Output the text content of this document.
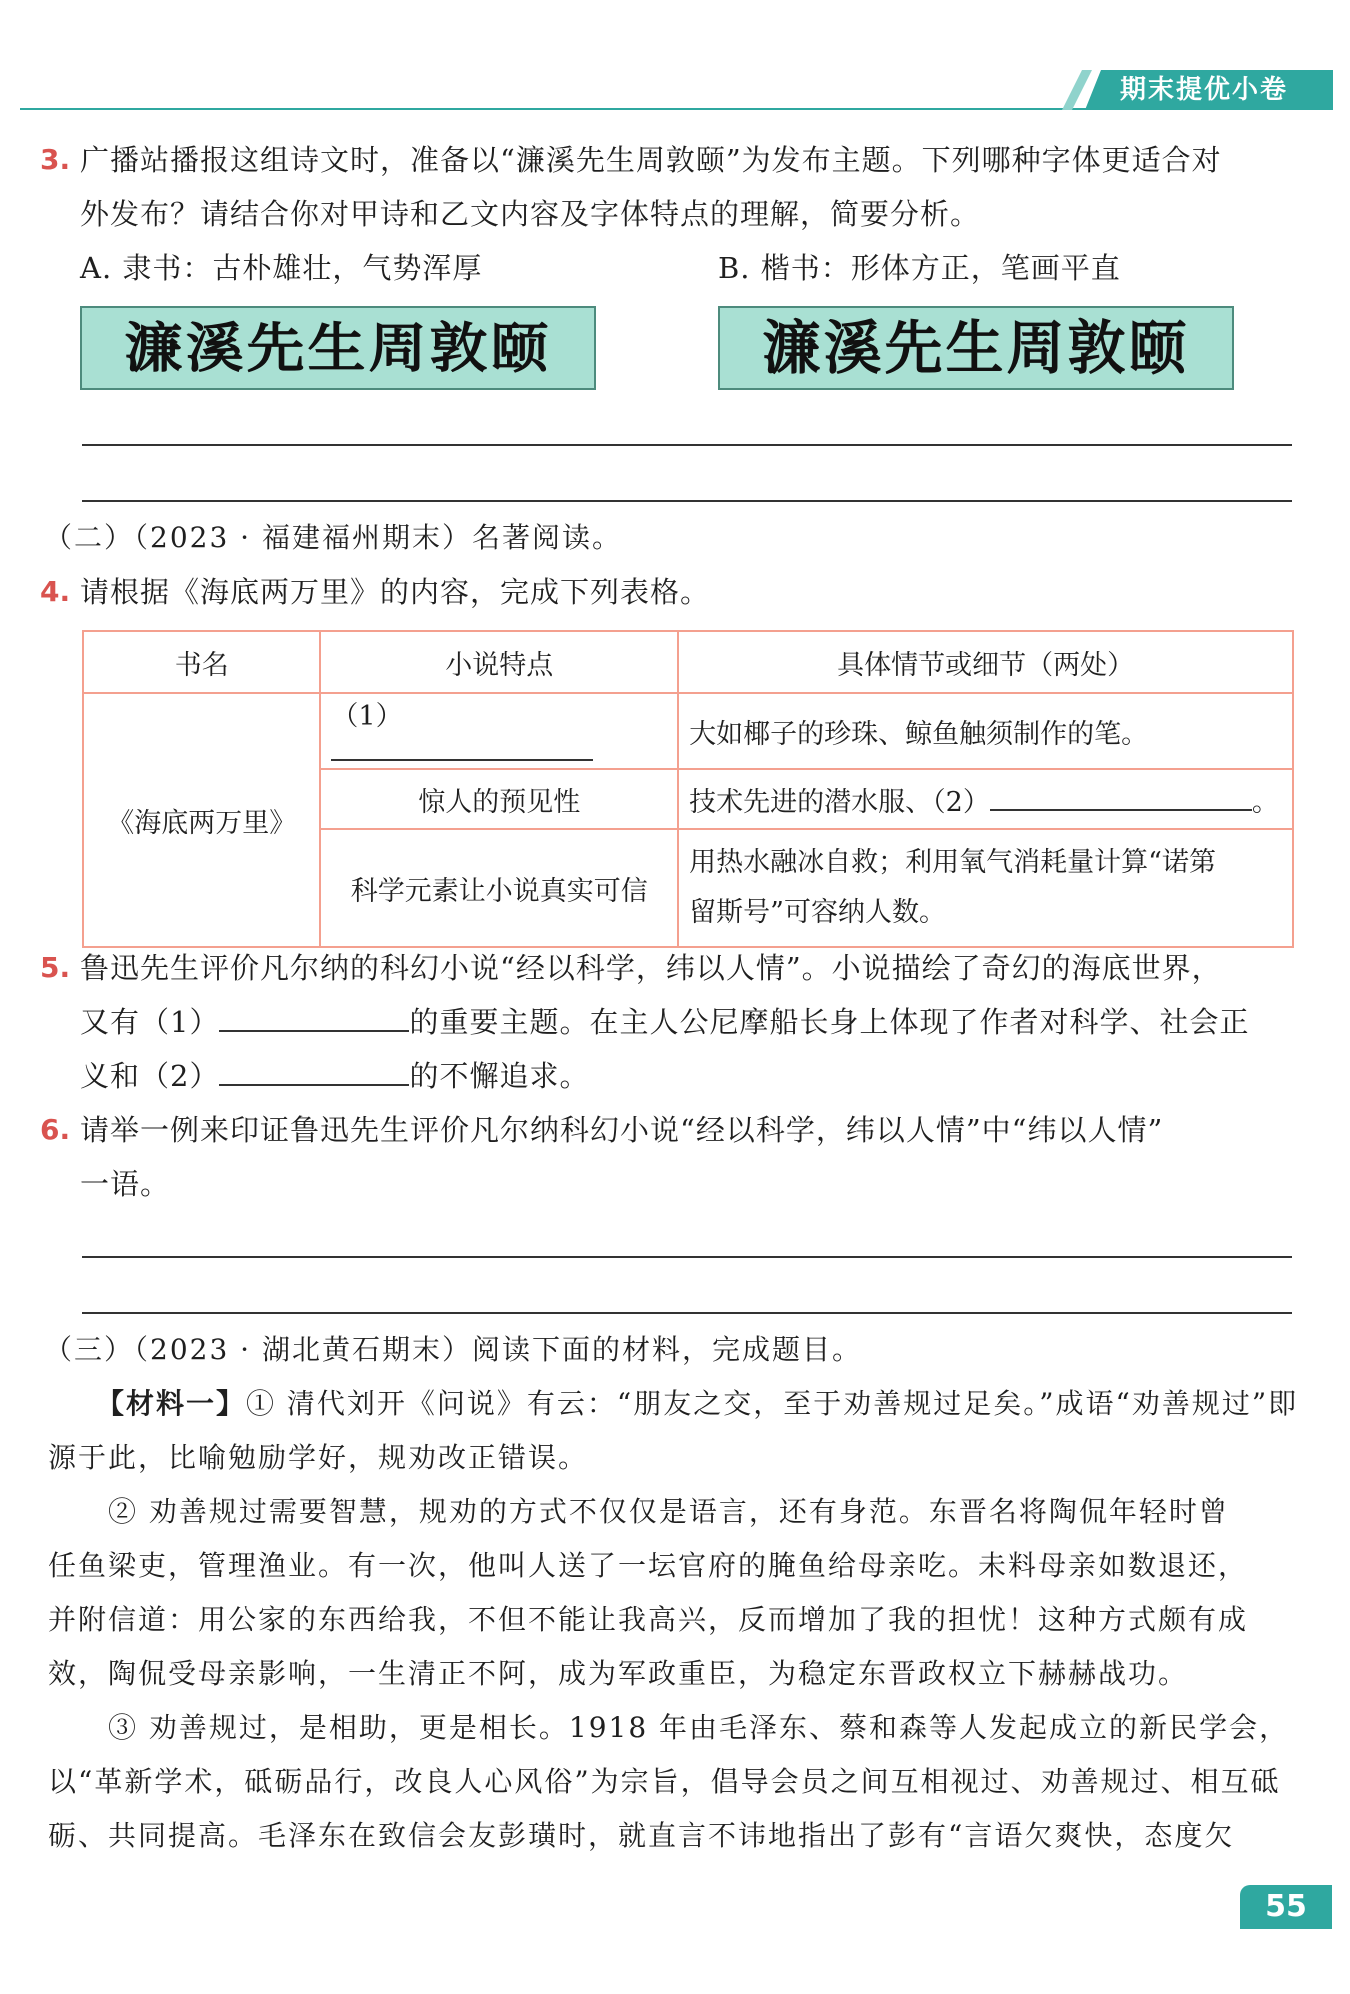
期末提优小卷
3. 广播站播报这组诗文时，准备以“濂溪先生周敦颐”为发布主题。下列哪种字体更适合对
外发布？请结合你对甲诗和乙文内容及字体特点的理解，简要分析。
A. 隶书：古朴雄壮，气势浑厚	B. 楷书：形体方正，笔画平直
濂溪先生周敦颐	濂溪先生周敦颐
（二）（2023 · 福建福州期末）名著阅读。
4. 请根据《海底两万里》的内容，完成下列表格。
书名	小说特点	具体情节或细节（两处）
《海底两万里》	（1）	大如椰子的珍珠、鲸鱼触须制作的笔。
	惊人的预见性	技术先进的潜水服、（2） 。
	科学元素让小说真实可信	用热水融冰自救；利用氧气消耗量计算“诺第
留斯号”可容纳人数。
5. 鲁迅先生评价凡尔纳的科幻小说“经以科学，纬以人情”。小说描绘了奇幻的海底世界，
又有（1）	的重要主题。在主人公尼摩船长身上体现了作者对科学、社会正
义和（2）	的不懈追求。
6. 请举一例来印证鲁迅先生评价凡尔纳科幻小说“经以科学，纬以人情”中“纬以人情”
一语。
（三）（2023 · 湖北黄石期末）阅读下面的材料，完成题目。
【材料一】① 清代刘开《问说》有云：“朋友之交，至于劝善规过足矣。”成语“劝善规过”即
源于此，比喻勉励学好，规劝改正错误。
② 劝善规过需要智慧，规劝的方式不仅仅是语言，还有身范。东晋名将陶侃年轻时曾
任鱼梁吏，管理渔业。有一次，他叫人送了一坛官府的腌鱼给母亲吃。未料母亲如数退还，
并附信道：用公家的东西给我，不但不能让我高兴，反而增加了我的担忧！这种方式颇有成
效，陶侃受母亲影响，一生清正不阿，成为军政重臣，为稳定东晋政权立下赫赫战功。
③ 劝善规过，是相助，更是相长。1918 年由毛泽东、蔡和森等人发起成立的新民学会，
以“革新学术，砥砺品行，改良人心风俗”为宗旨，倡导会员之间互相视过、劝善规过、相互砥
砺、共同提高。毛泽东在致信会友彭璜时，就直言不讳地指出了彭有“言语欠爽快，态度欠
55
